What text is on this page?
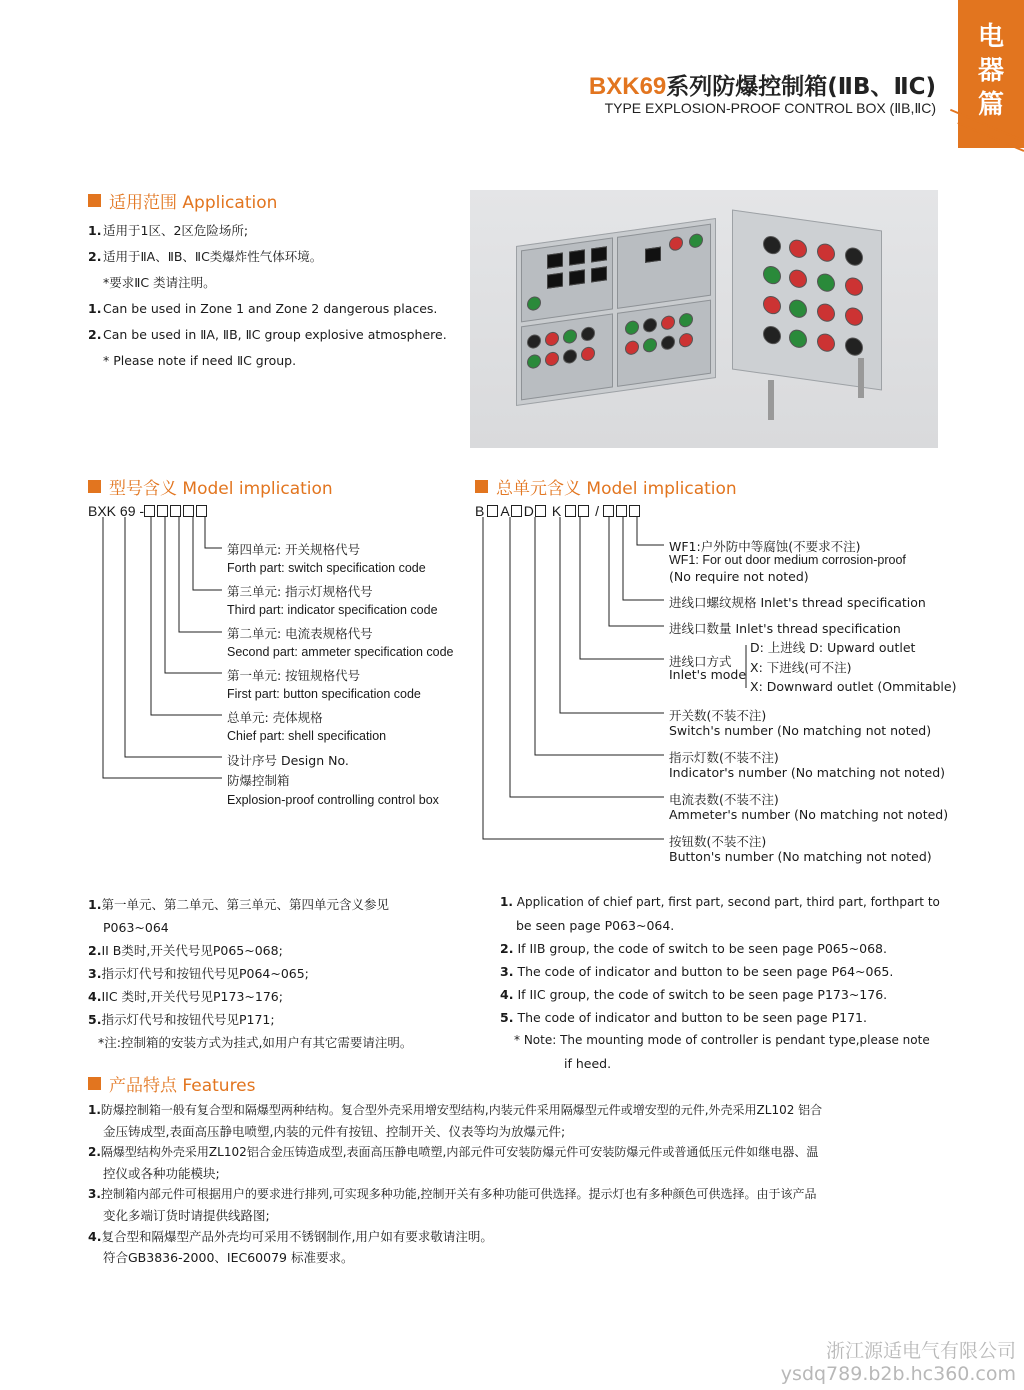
电
器
篇
BXK69系列防爆控制箱(ⅡB、ⅡC)
TYPE EXPLOSION-PROOF CONTROL BOX (ⅡB,ⅡC)
适用范围 Application
1. 适用于1区、2区危险场所;
2. 适用于ⅡA、ⅡB、ⅡC类爆炸性气体环境。
*要求ⅡC 类请注明。
1. Can be used in Zone 1 and Zone 2 dangerous places.
2. Can be used in ⅡA, ⅡB, ⅡC group explosive atmosphere.
* Please note if need ⅡC group.
型号含义 Model implication	总单元含义 Model implication
BXK 69 -
第四单元: 开关规格代号
Forth part: switch specification code
第三单元: 指示灯规格代号
Third part: indicator specification code
第二单元: 电流表规格代号
Second part: ammeter specification code
第一单元: 按钮规格代号
First part: button specification code
总单元: 壳体规格
Chief part: shell specification
设计序号 Design No.
防爆控制箱
Explosion-proof controlling control box
B A D K /
WF1:户外防中等腐蚀(不要求不注)
WF1: For out door medium corrosion-proof
(No require not noted)
进线口螺纹规格 Inlet's thread specification
进线口数量 Inlet's thread specification
进线口方式
Inlet's mode
D: 上进线 D: Upward outlet
X: 下进线(可不注)
X: Downward outlet (Ommitable)
开关数(不装不注)
Switch's number (No matching not noted)
指示灯数(不装不注)
Indicator's number (No matching not noted)
电流表数(不装不注)
Ammeter's number (No matching not noted)
按钮数(不装不注)
Button's number (No matching not noted)
1.第一单元、第二单元、第三单元、第四单元含义参见
P063~064
2.II B类时,开关代号见P065~068;
3.指示灯代号和按钮代号见P064~065;
4.IIC 类时,开关代号见P173~176;
5.指示灯代号和按钮代号见P171;
*注:控制箱的安装方式为挂式,如用户有其它需要请注明。
1. Application of chief part, first part, second part, third part, forthpart to
be seen page P063~064.
2. If IIB group, the code of switch to be seen page P065~068.
3. The code of indicator and button to be seen page P64~065.
4. If IIC group, the code of switch to be seen page P173~176.
5. The code of indicator and button to be seen page P171.
* Note: The mounting mode of controller is pendant type,please note
if heed.
产品特点 Features
1.防爆控制箱一般有复合型和隔爆型两种结构。复合型外壳采用增安型结构,内装元件采用隔爆型元件或增安型的元件,外壳采用ZL102 铝合
金压铸成型,表面高压静电喷塑,内装的元件有按钮、控制开关、仪表等均为放爆元件;
2.隔爆型结构外壳采用ZL102铝合金压铸造成型,表面高压静电喷塑,内部元件可安装防爆元件可安装防爆元件或普通低压元件如继电器、温
控仪或各种功能模块;
3.控制箱内部元件可根据用户的要求进行排列,可实现多种功能,控制开关有多种功能可供选择。提示灯也有多种颜色可供选择。由于该产品
变化多端订货时请提供线路图;
4.复合型和隔爆型产品外壳均可采用不锈钢制作,用户如有要求敬请注明。
符合GB3836-2000、IEC60079 标准要求。
浙江源适电气有限公司
ysdq789.b2b.hc360.com
